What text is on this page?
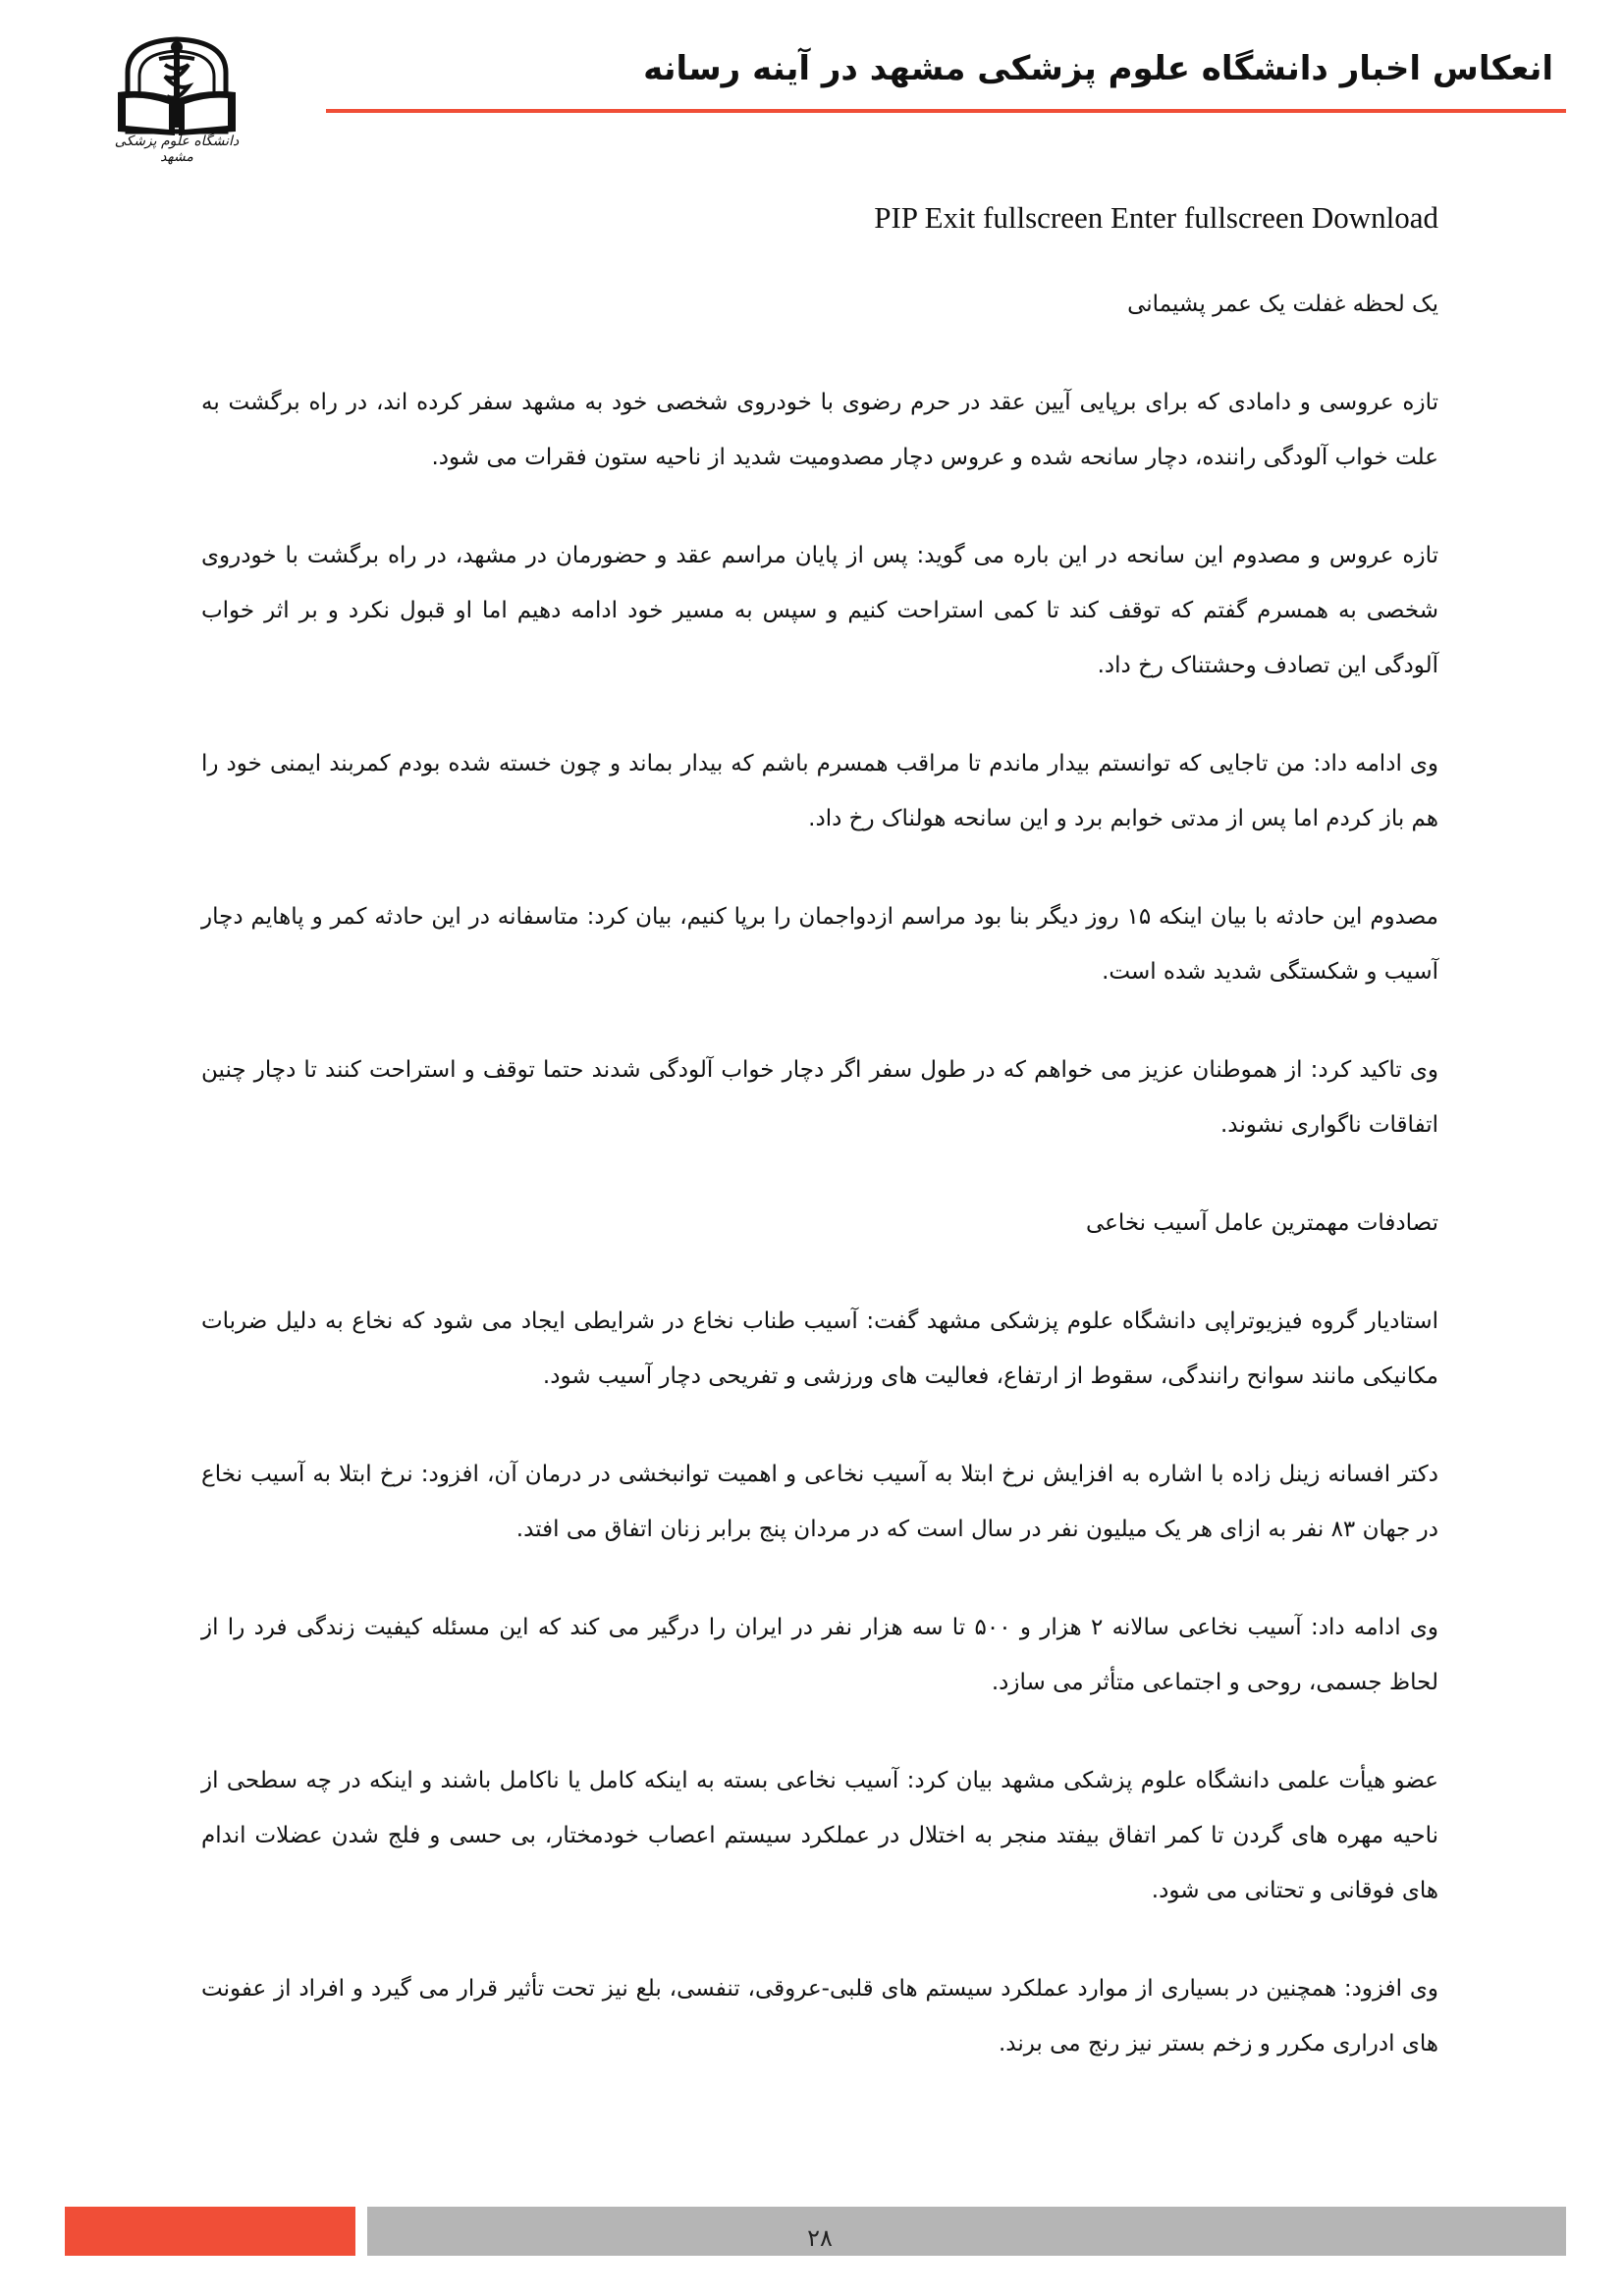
دانشگاه علوم پزشکی مشهد
انعکاس اخبار دانشگاه علوم پزشکی مشهد در آینه رسانه
PIP Exit fullscreen Enter fullscreen Download

یک لحظه غفلت یک عمر پشیمانی

تازه عروسی و دامادی که برای برپایی آیین عقد در حرم رضوی با خودروی شخصی خود به مشهد سفر کرده اند، در راه برگشت به علت خواب آلودگی راننده، دچار سانحه شده و عروس دچار مصدومیت شدید از ناحیه ستون فقرات می شود.

تازه عروس و مصدوم این سانحه در این باره می گوید: پس از پایان مراسم عقد و حضورمان در مشهد، در راه برگشت با خودروی شخصی به همسرم گفتم که توقف کند تا کمی استراحت کنیم و سپس به مسیر خود ادامه دهیم اما او قبول نکرد و بر اثر خواب آلودگی این تصادف وحشتناک رخ داد.

وی ادامه داد: من تاجایی که توانستم بیدار ماندم تا مراقب همسرم باشم که بیدار بماند و چون خسته شده بودم کمربند ایمنی خود را هم باز کردم اما پس از مدتی خوابم برد و این سانحه هولناک رخ داد.

مصدوم این حادثه با بیان اینکه ۱۵ روز دیگر بنا بود مراسم ازدواجمان را برپا کنیم، بیان کرد: متاسفانه در این حادثه کمر و پاهایم دچار آسیب و شکستگی شدید شده است.

وی تاکید کرد: از هموطنان عزیز می خواهم که در طول سفر اگر دچار خواب آلودگی شدند حتما توقف و استراحت کنند تا دچار چنین اتفاقات ناگواری نشوند.

تصادفات مهمترین عامل آسیب نخاعی

استادیار گروه فیزیوتراپی دانشگاه علوم پزشکی مشهد گفت: آسیب طناب نخاع در شرایطی ایجاد می شود که نخاع به دلیل ضربات مکانیکی مانند سوانح رانندگی، سقوط از ارتفاع، فعالیت های ورزشی و تفریحی دچار آسیب شود.

دکتر افسانه زینل زاده با اشاره به افزایش نرخ ابتلا به آسیب نخاعی و اهمیت توانبخشی در درمان آن، افزود: نرخ ابتلا به آسیب نخاع در جهان ۸۳ نفر به ازای هر یک میلیون نفر در سال است که در مردان پنج برابر زنان اتفاق می افتد.

وی ادامه داد: آسیب نخاعی سالانه ۲ هزار و ۵۰۰ تا سه هزار نفر در ایران را درگیر می کند که این مسئله کیفیت زندگی فرد را از لحاظ جسمی، روحی و اجتماعی متأثر می سازد.

عضو هیأت علمی دانشگاه علوم پزشکی مشهد بیان کرد: آسیب نخاعی بسته به اینکه کامل یا ناکامل باشند و اینکه در چه سطحی از ناحیه مهره های گردن تا کمر اتفاق بیفتد منجر به اختلال در عملکرد سیستم اعصاب خودمختار، بی حسی و فلج شدن عضلات اندام های فوقانی و تحتانی می شود.

وی افزود: همچنین در بسیاری از موارد عملکرد سیستم های قلبی-عروقی، تنفسی، بلع نیز تحت تأثیر قرار می گیرد و افراد از عفونت های ادراری مکرر و زخم بستر نیز رنج می برند.

۲۸
